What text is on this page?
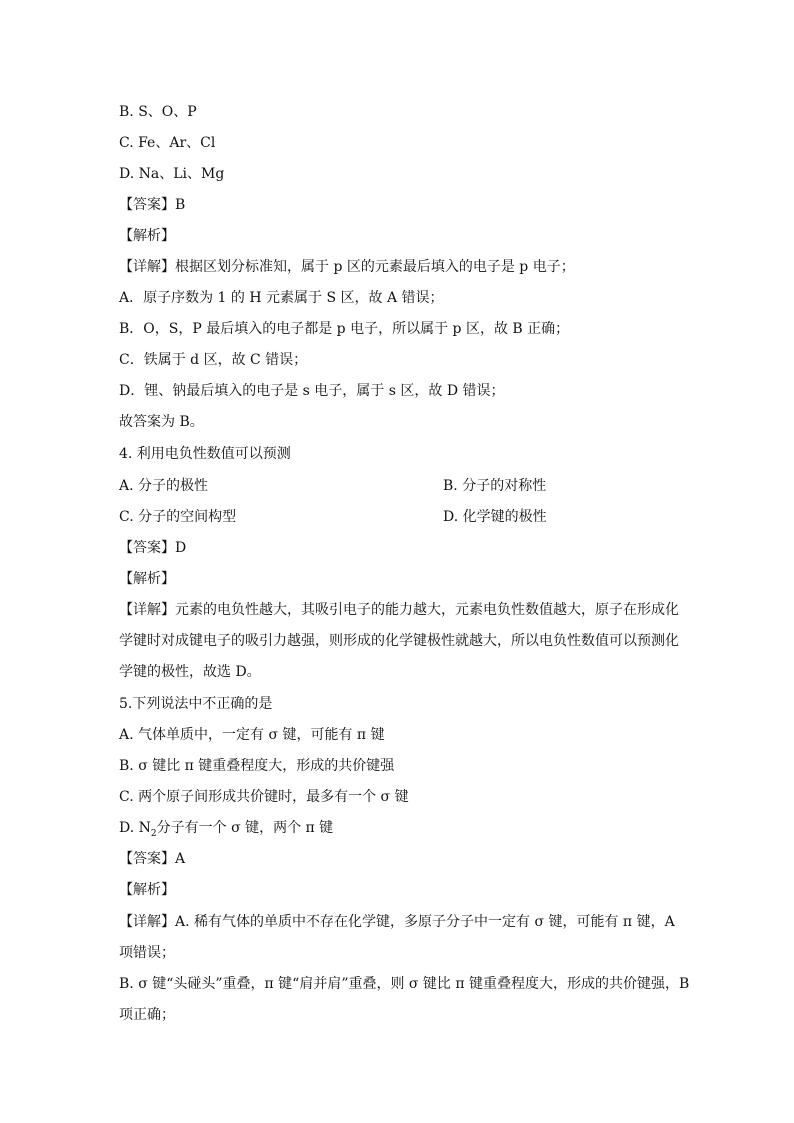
B. S、O、P
C. Fe、Ar、Cl
D. Na、Li、Mg
【答案】B
【解析】
【详解】根据区划分标准知，属于 p 区的元素最后填入的电子是 p 电子；
A．原子序数为 1 的 H 元素属于 S 区，故 A 错误；
B．O，S，P 最后填入的电子都是 p 电子，所以属于 p 区，故 B 正确；
C．铁属于 d 区，故 C 错误；
D．锂、钠最后填入的电子是 s 电子，属于 s 区，故 D 错误；
故答案为 B。
4. 利用电负性数值可以预测
A. 分子的极性	B. 分子的对称性
C. 分子的空间构型	D. 化学键的极性
【答案】D
【解析】
【详解】元素的电负性越大，其吸引电子的能力越大，元素电负性数值越大，原子在形成化
学键时对成键电子的吸引力越强，则形成的化学键极性就越大，所以电负性数值可以预测化
学键的极性，故选 D。
5.下列说法中不正确的是
A. 气体单质中，一定有 σ 键，可能有 π 键
B. σ 键比 π 键重叠程度大，形成的共价键强
C. 两个原子间形成共价键时，最多有一个 σ 键
D. $N_2$分子有一个 σ 键，两个 π 键
【答案】A
【解析】
【详解】A. 稀有气体的单质中不存在化学键，多原子分子中一定有 σ 键，可能有 π 键，A
项错误；
B. σ 键“头碰头”重叠，π 键“肩并肩”重叠，则 σ 键比 π 键重叠程度大，形成的共价键强，B
项正确；
